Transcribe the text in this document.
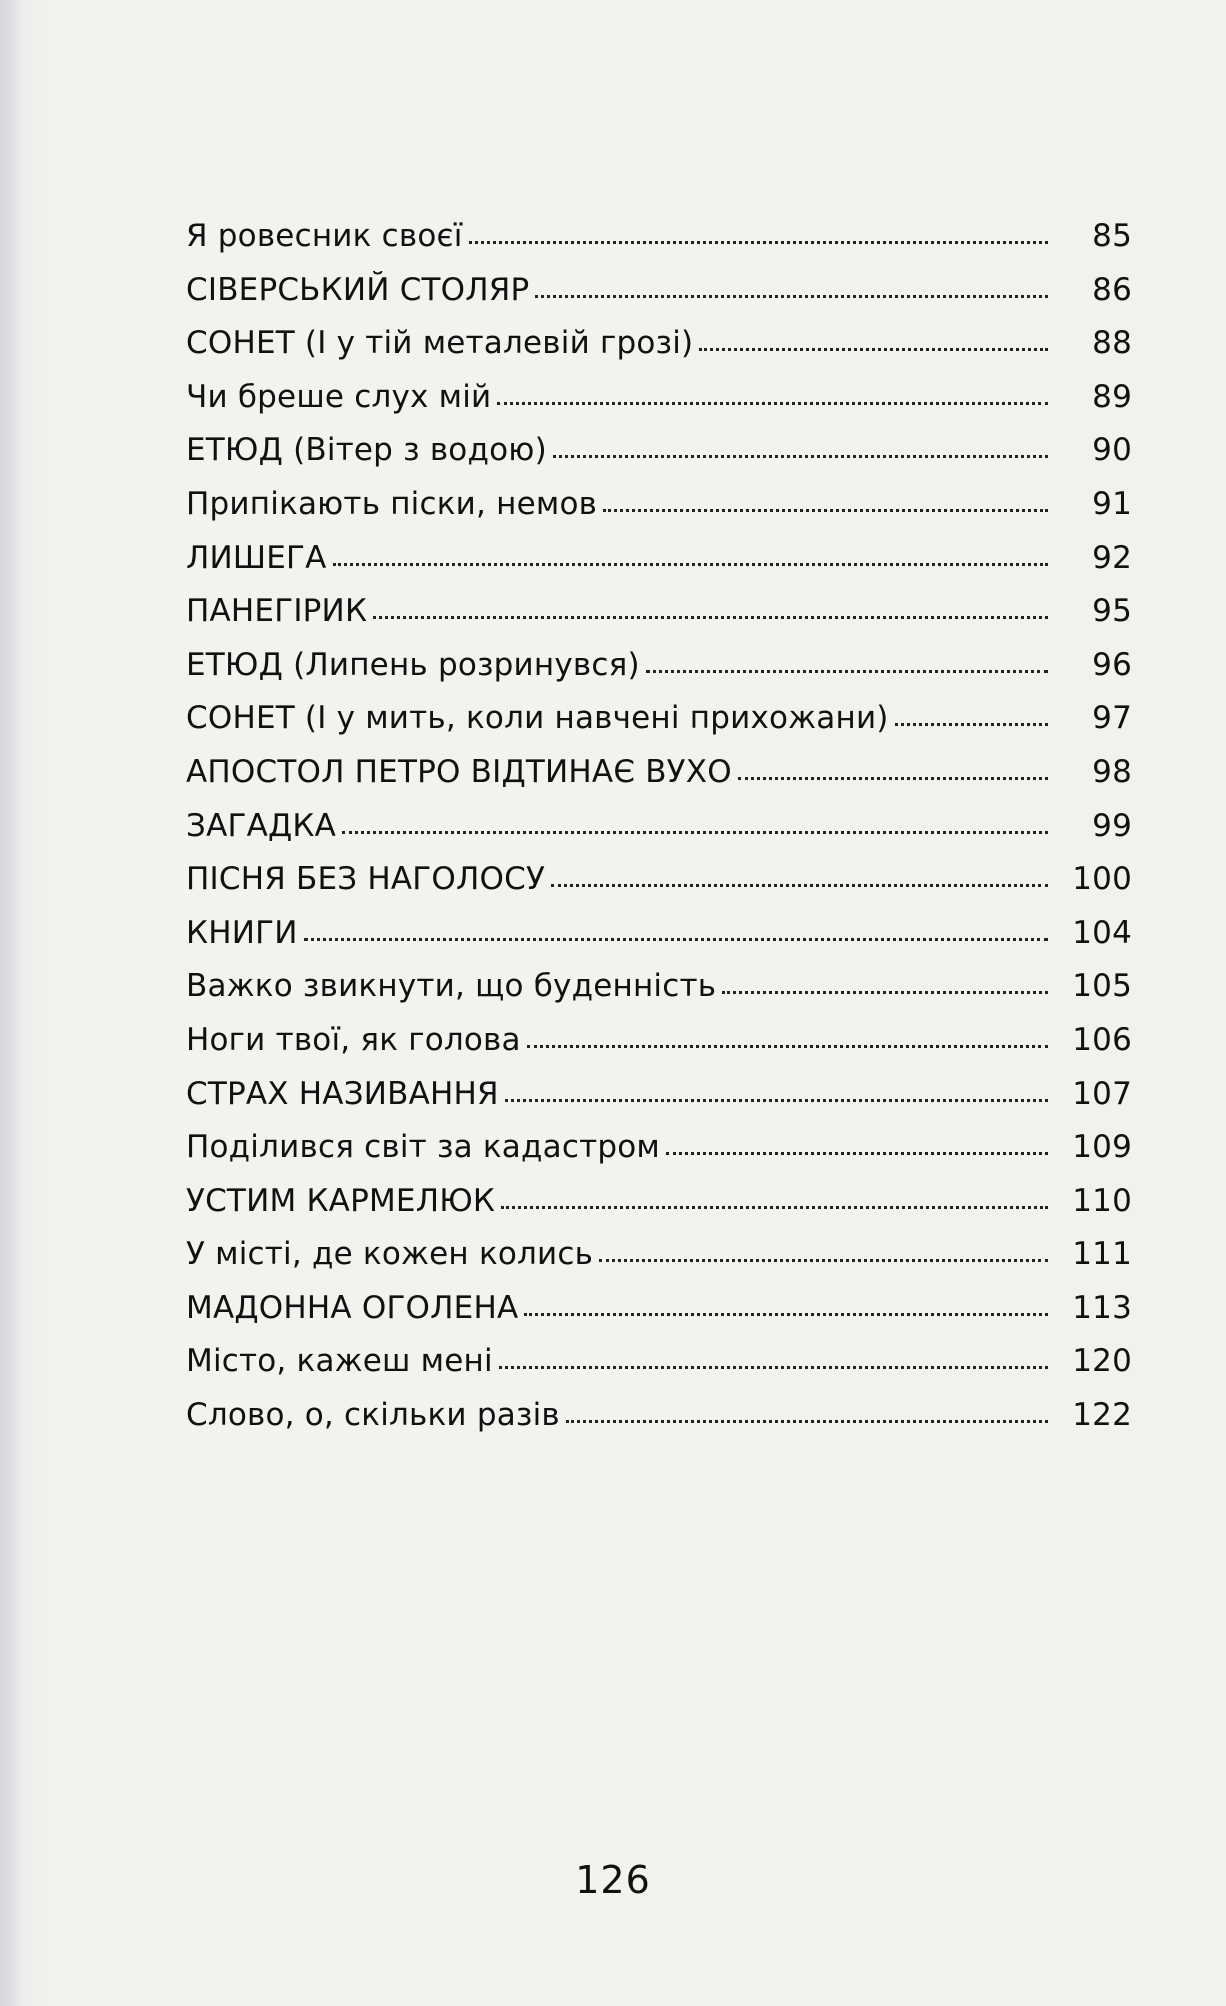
Я ровесник своєї	85
СІВЕРСЬКИЙ СТОЛЯР	86
СОНЕТ (І у тій металевій грозі)	88
Чи бреше слух мій	89
ЕТЮД (Вітер з водою)	90
Припікають піски, немов	91
ЛИШЕГА	92
ПАНЕГІРИК	95
ЕТЮД (Липень розринувся)	96
СОНЕТ (І у мить, коли навчені прихожани)	97
АПОСТОЛ ПЕТРО ВІДТИНАЄ ВУХО	98
ЗАГАДКА	99
ПІСНЯ БЕЗ НАГОЛОСУ	100
КНИГИ	104
Важко звикнути, що буденність	105
Ноги твої, як голова	106
СТРАХ НАЗИВАННЯ	107
Поділився світ за кадастром	109
УСТИМ КАРМЕЛЮК	110
У місті, де кожен колись	111
МАДОННА ОГОЛЕНА	113
Місто, кажеш мені	120
Слово, о, скільки разів	122
126
